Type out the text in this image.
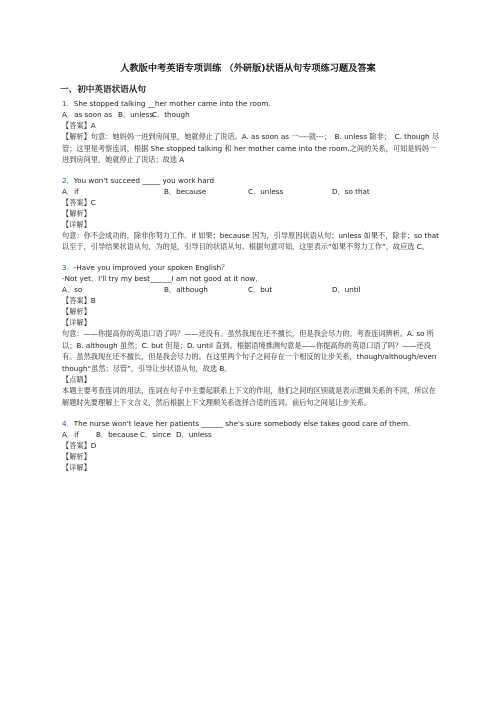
人教版中考英语专项训练 （外研版)状语从句专项练习题及答案
一、初中英语状语从句
1．She stopped talking __her mother came into the room.
A．as soon as B．unlessC．though
【答案】A
【解析】句意：她妈妈一进到房间里，她就停止了说话。A. as soon as 一----就---；　B. unless 除非；　C. though 尽管；这里是考察连词，根据 She stopped talking 和 her mother came into the room.之间的关系，可知是妈妈一进到房间里，她就停止了说话；故选 A
2．You won't succeed _____ you work hard
A．if	B．because	C．unless	D．so that
【答案】C
【解析】
【详解】
句意：你不会成功的，除非你努力工作。if 如果；because 因为，引导原因状语从句；unless 如果不，除非；so that 以至于，引导结果状语从句，为的是，引导目的状语从句。根据句意可知，这里表示“如果不努力工作”，故应选 C。
3．-Have you improved your spoken English？
-Not yet．I'll try my best______I am not good at it now．
A．so	B．although	C．but	D．until
【答案】B
【解析】
【详解】
句意：——你提高你的英语口语了吗？——还没有。虽然我现在还不擅长，但是我会尽力的。考查连词辨析。A. so 所以；B. although 虽然；C. but 但是；D. until 直到。根据语境推测句意是——你提高你的英语口语了吗？——还没有。虽然我现在还不擅长，但是我会尽力的。在这里两个句子之间存在一个相反的让步关系，though/although/even though“虽然；尽管”，引导让步状语从句，故选 B。
【点睛】
本题主要考查连词的用法，连词在句子中主要起联系上下文的作用，他们之间的区别就是表示逻辑关系的不同，所以在解题时先要理解上下文含义，然后根据上下文理顺关系选择合适的连词。前后句之间是让步关系。
4．The nurse won't leave her patients ______ she's sure somebody else takes good care of them.
A．if B．because C．since D．unless
【答案】D
【解析】
【详解】
